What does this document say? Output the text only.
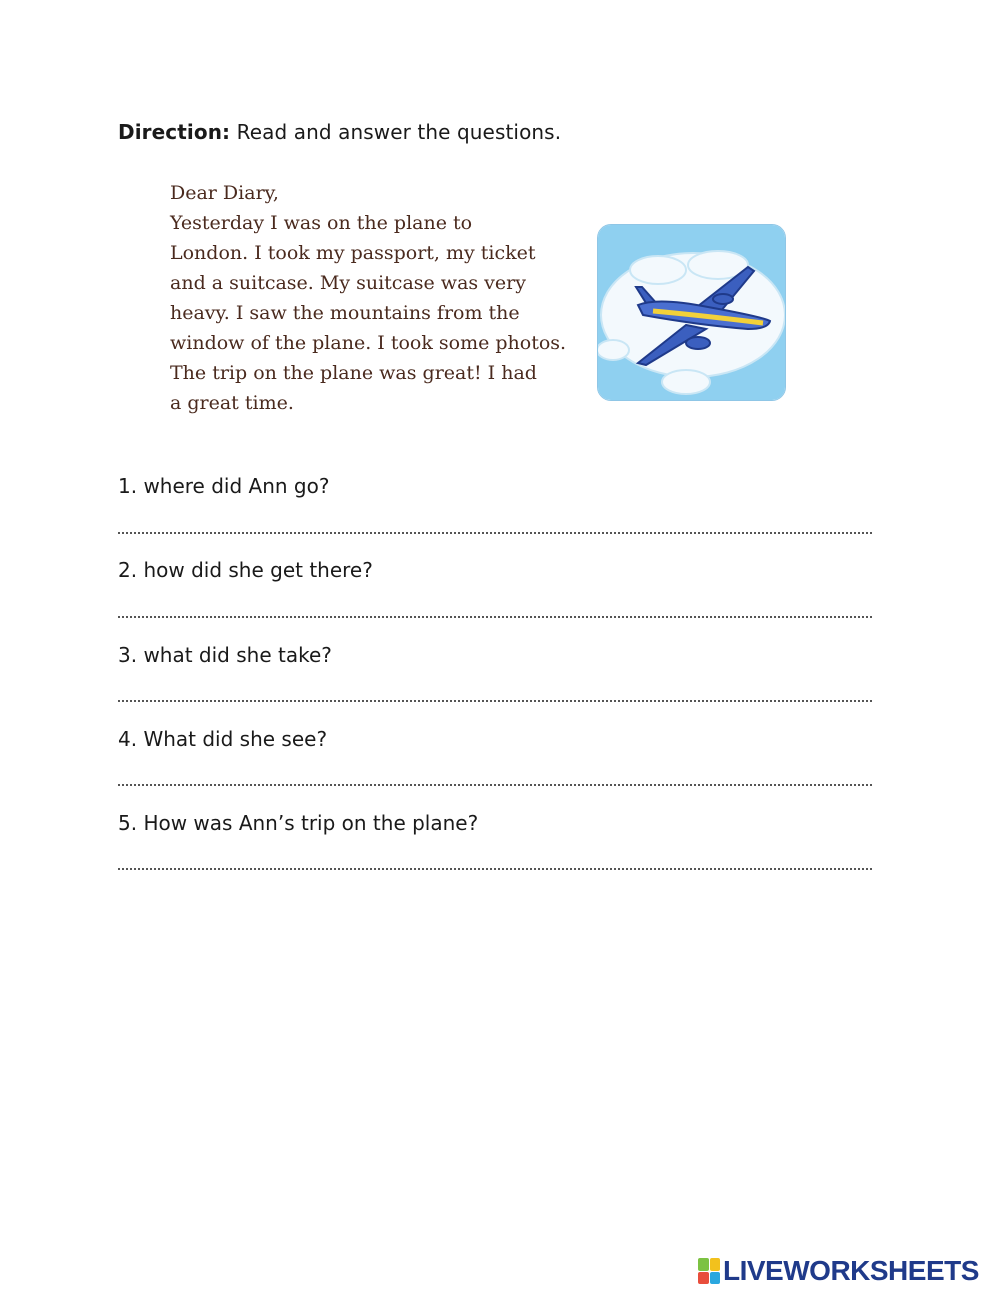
Direction: Read and answer the questions.
Dear Diary,
Yesterday I was on the plane to
London. I took my passport, my ticket
and a suitcase. My suitcase was very
heavy. I saw the mountains from the
window of the plane. I took some photos.
The trip on the plane was great! I had
a great time.
1. where did Ann go?
2. how did she get there?
3. what did she take?
4. What did she see?
5. How was Ann’s trip on the plane?
LIVEWORKSHEETS
